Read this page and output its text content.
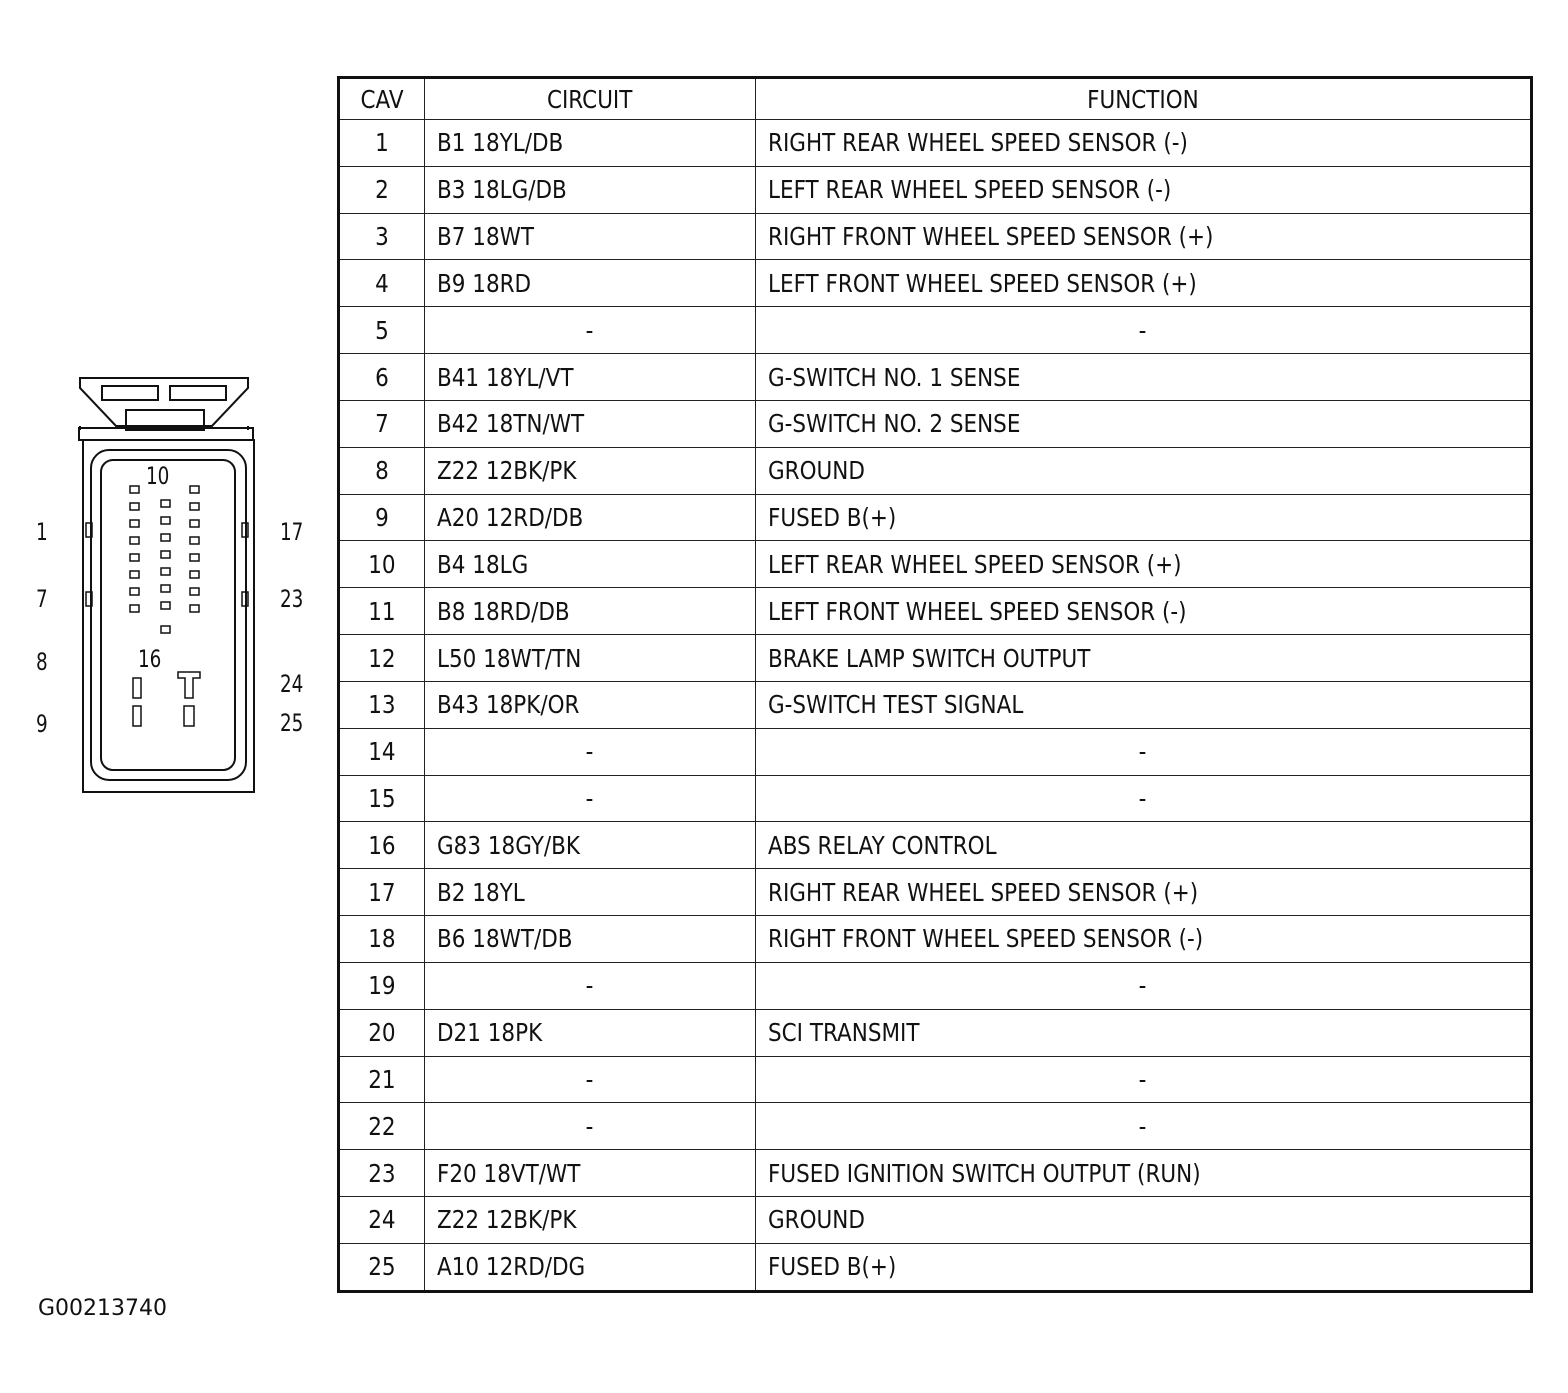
1
7
8
9
10
16
17
23
24
25
CAV	CIRCUIT	FUNCTION
1	B1 18YL/DB	RIGHT REAR WHEEL SPEED SENSOR (-)
2	B3 18LG/DB	LEFT REAR WHEEL SPEED SENSOR (-)
3	B7 18WT	RIGHT FRONT WHEEL SPEED SENSOR (+)
4	B9 18RD	LEFT FRONT WHEEL SPEED SENSOR (+)
5	-	-
6	B41 18YL/VT	G-SWITCH NO. 1 SENSE
7	B42 18TN/WT	G-SWITCH NO. 2 SENSE
8	Z22 12BK/PK	GROUND
9	A20 12RD/DB	FUSED B(+)
10	B4 18LG	LEFT REAR WHEEL SPEED SENSOR (+)
11	B8 18RD/DB	LEFT FRONT WHEEL SPEED SENSOR (-)
12	L50 18WT/TN	BRAKE LAMP SWITCH OUTPUT
13	B43 18PK/OR	G-SWITCH TEST SIGNAL
14	-	-
15	-	-
16	G83 18GY/BK	ABS RELAY CONTROL
17	B2 18YL	RIGHT REAR WHEEL SPEED SENSOR (+)
18	B6 18WT/DB	RIGHT FRONT WHEEL SPEED SENSOR (-)
19	-	-
20	D21 18PK	SCI TRANSMIT
21	-	-
22	-	-
23	F20 18VT/WT	FUSED IGNITION SWITCH OUTPUT (RUN)
24	Z22 12BK/PK	GROUND
25	A10 12RD/DG	FUSED B(+)
G00213740
